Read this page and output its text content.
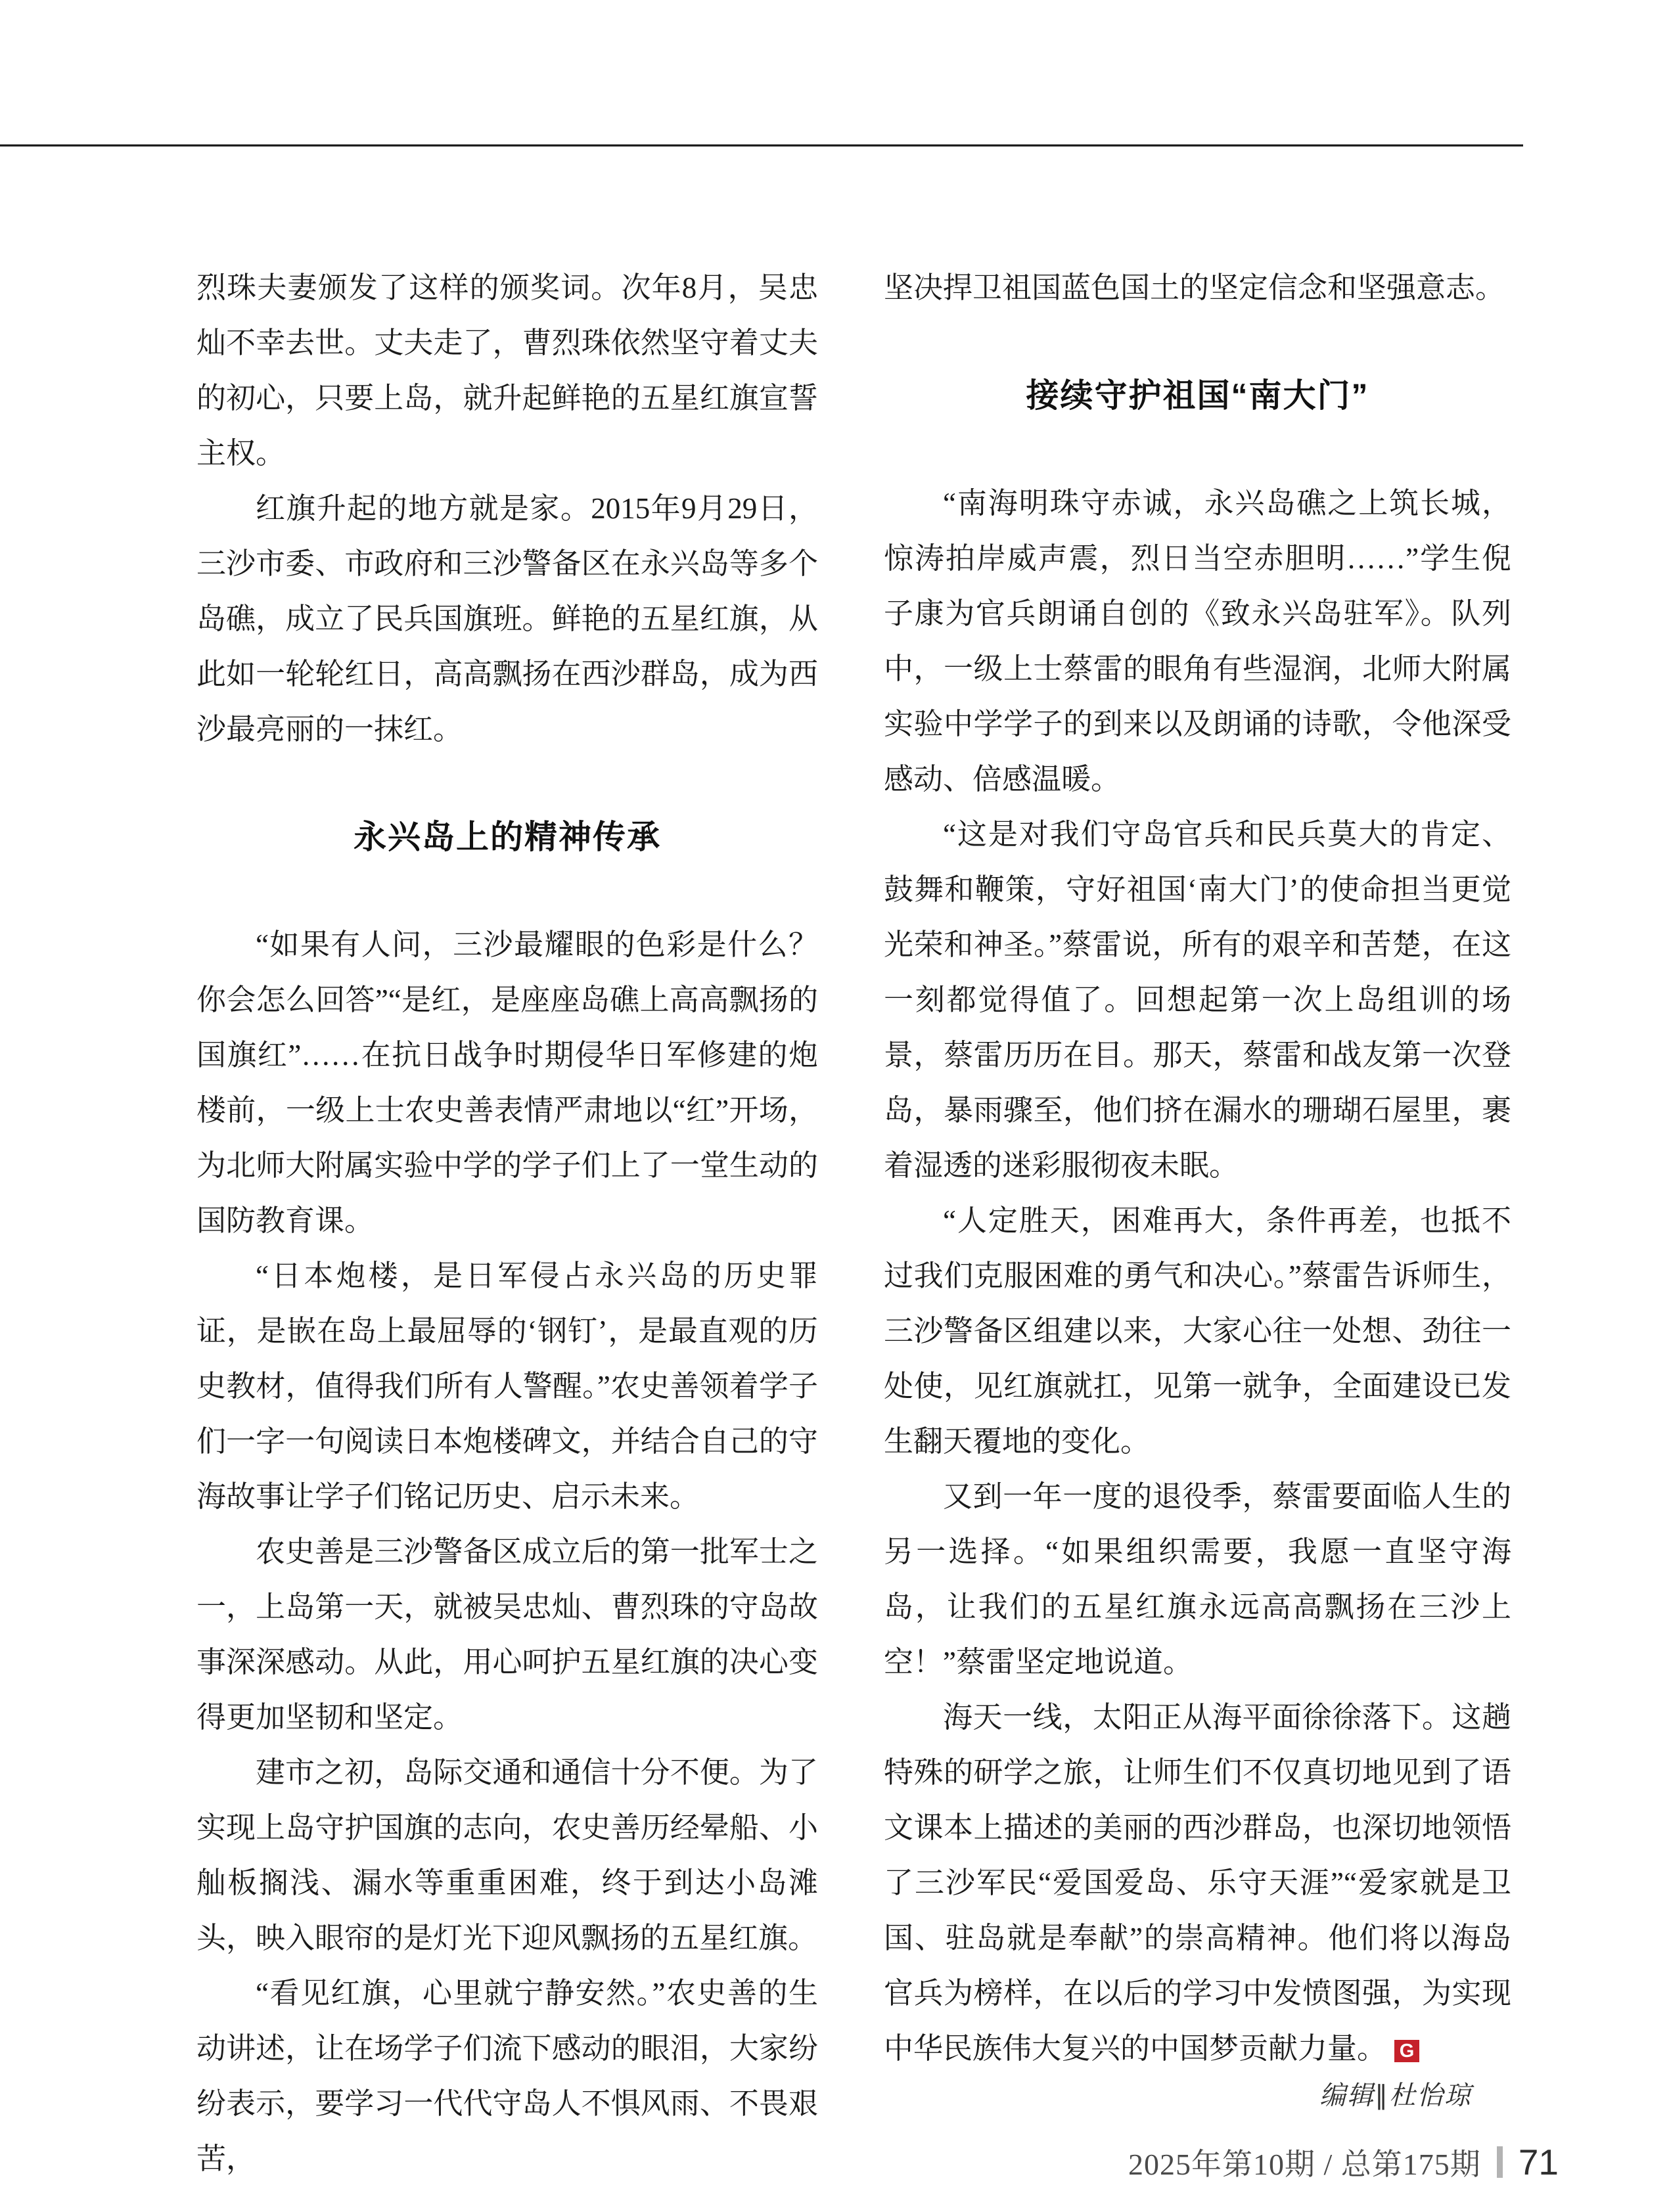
烈珠夫妻颁发了这样的颁奖词。次年8月，吴忠灿不幸去世。丈夫走了，曹烈珠依然坚守着丈夫的初心，只要上岛，就升起鲜艳的五星红旗宣誓主权。

红旗升起的地方就是家。2015年9月29日，三沙市委、市政府和三沙警备区在永兴岛等多个岛礁，成立了民兵国旗班。鲜艳的五星红旗，从此如一轮轮红日，高高飘扬在西沙群岛，成为西沙最亮丽的一抹红。

永兴岛上的精神传承

“如果有人问，三沙最耀眼的色彩是什么？你会怎么回答”“是红，是座座岛礁上高高飘扬的国旗红”……在抗日战争时期侵华日军修建的炮楼前，一级上士农史善表情严肃地以“红”开场，为北师大附属实验中学的学子们上了一堂生动的国防教育课。

“日本炮楼，是日军侵占永兴岛的历史罪证，是嵌在岛上最屈辱的‘钢钉’，是最直观的历史教材，值得我们所有人警醒。”农史善领着学子们一字一句阅读日本炮楼碑文，并结合自己的守海故事让学子们铭记历史、启示未来。

农史善是三沙警备区成立后的第一批军士之一，上岛第一天，就被吴忠灿、曹烈珠的守岛故事深深感动。从此，用心呵护五星红旗的决心变得更加坚韧和坚定。

建市之初，岛际交通和通信十分不便。为了实现上岛守护国旗的志向，农史善历经晕船、小舢板搁浅、漏水等重重困难，终于到达小岛滩头，映入眼帘的是灯光下迎风飘扬的五星红旗。

“看见红旗，心里就宁静安然。”农史善的生动讲述，让在场学子们流下感动的眼泪，大家纷纷表示，要学习一代代守岛人不惧风雨、不畏艰苦，

坚决捍卫祖国蓝色国土的坚定信念和坚强意志。

接续守护祖国“南大门”

“南海明珠守赤诚，永兴岛礁之上筑长城，惊涛拍岸威声震，烈日当空赤胆明……”学生倪子康为官兵朗诵自创的《致永兴岛驻军》。队列中，一级上士蔡雷的眼角有些湿润，北师大附属实验中学学子的到来以及朗诵的诗歌，令他深受感动、倍感温暖。

“这是对我们守岛官兵和民兵莫大的肯定、鼓舞和鞭策，守好祖国‘南大门’的使命担当更觉光荣和神圣。”蔡雷说，所有的艰辛和苦楚，在这一刻都觉得值了。回想起第一次上岛组训的场景，蔡雷历历在目。那天，蔡雷和战友第一次登岛，暴雨骤至，他们挤在漏水的珊瑚石屋里，裹着湿透的迷彩服彻夜未眠。

“人定胜天，困难再大，条件再差，也抵不过我们克服困难的勇气和决心。”蔡雷告诉师生，三沙警备区组建以来，大家心往一处想、劲往一处使，见红旗就扛，见第一就争，全面建设已发生翻天覆地的变化。

又到一年一度的退役季，蔡雷要面临人生的另一选择。“如果组织需要，我愿一直坚守海岛，让我们的五星红旗永远高高飘扬在三沙上空！”蔡雷坚定地说道。

海天一线，太阳正从海平面徐徐落下。这趟特殊的研学之旅，让师生们不仅真切地见到了语文课本上描述的美丽的西沙群岛，也深切地领悟了三沙军民“爱国爱岛、乐守天涯”“爱家就是卫国、驻岛就是奉献”的崇高精神。他们将以海岛官兵为榜样，在以后的学习中发愤图强，为实现中华民族伟大复兴的中国梦贡献力量。 G

编辑∥杜怡琼
2025年第10期 / 总第175期 71
